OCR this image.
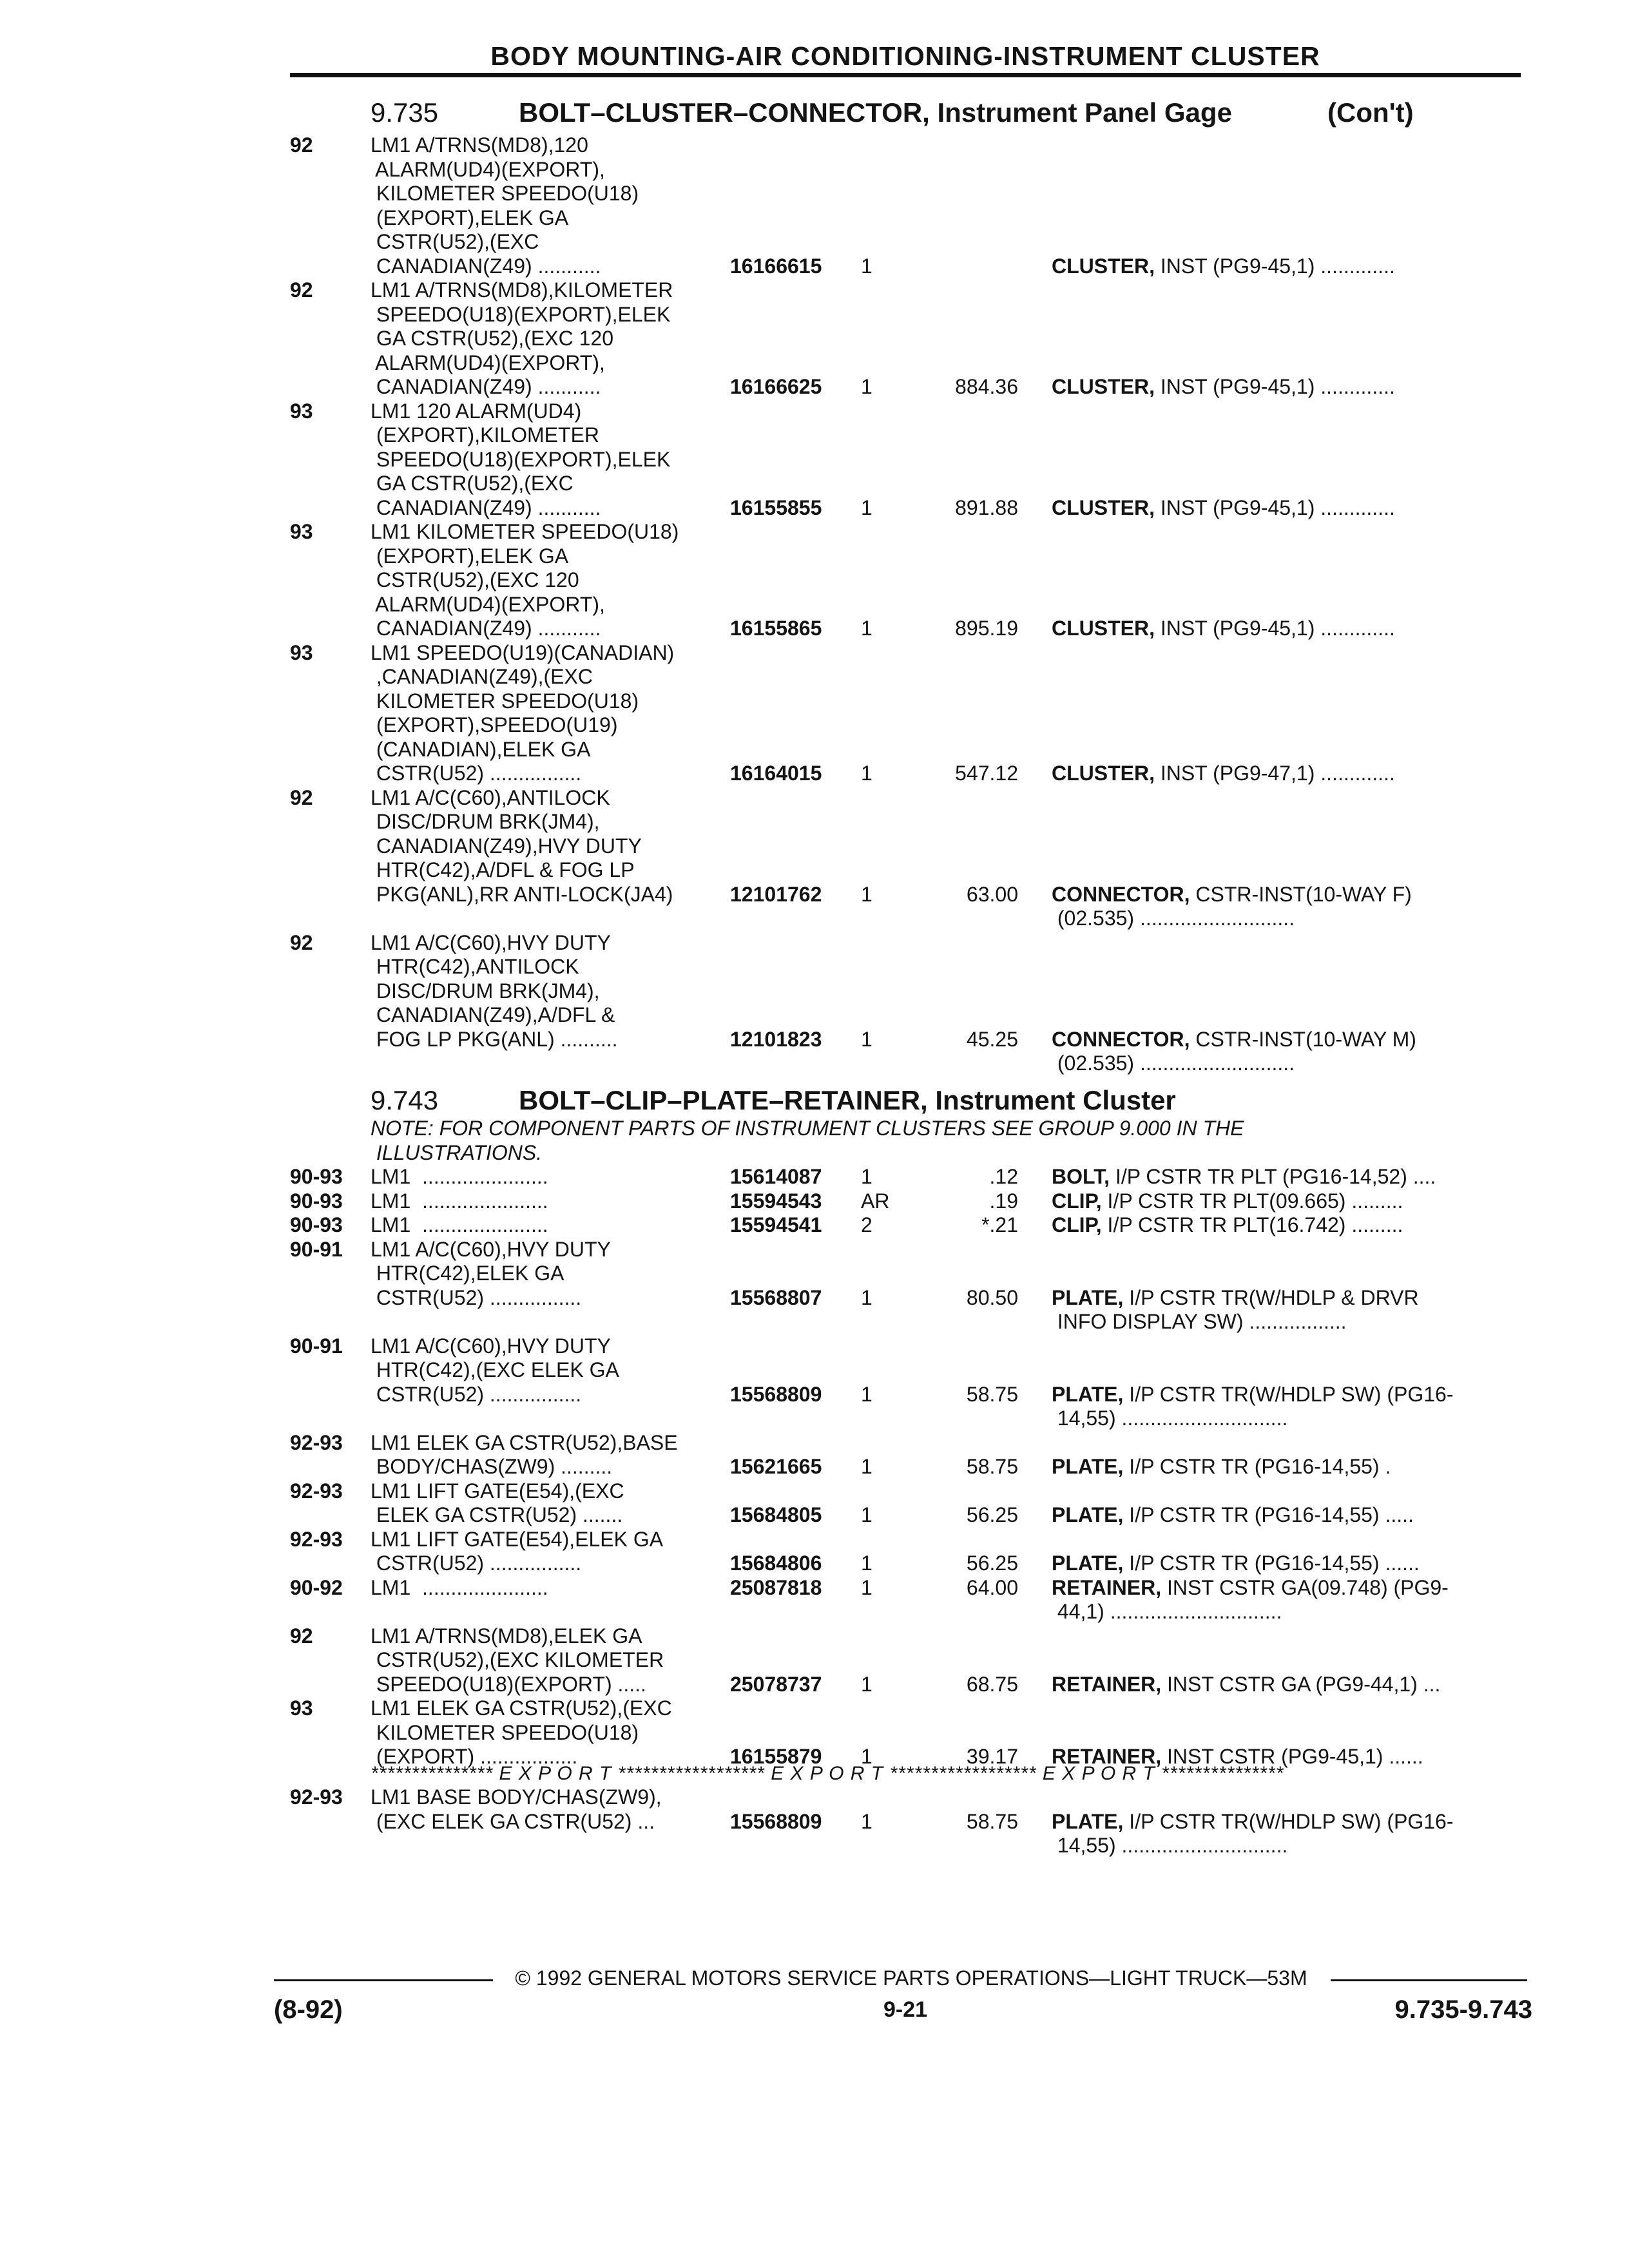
BODY MOUNTING-AIR CONDITIONING-INSTRUMENT CLUSTER
9.735	BOLT–CLUSTER–CONNECTOR, Instrument Panel Gage	(Con't)
92	LM1 A/TRNS(MD8),120
ALARM(UD4)(EXPORT),
KILOMETER SPEEDO(U18)
(EXPORT),ELEK GA
CSTR(U52),(EXC
CANADIAN(Z49) ...........	16166615 1	CLUSTER, INST (PG9-45,1) .............
92	LM1 A/TRNS(MD8),KILOMETER
SPEEDO(U18)(EXPORT),ELEK
GA CSTR(U52),(EXC 120
ALARM(UD4)(EXPORT),
CANADIAN(Z49) ...........	16166625 1	884.36 CLUSTER, INST (PG9-45,1) .............
93	LM1 120 ALARM(UD4)
(EXPORT),KILOMETER
SPEEDO(U18)(EXPORT),ELEK
GA CSTR(U52),(EXC
CANADIAN(Z49) ...........	16155855 1	891.88 CLUSTER, INST (PG9-45,1) .............
93	LM1 KILOMETER SPEEDO(U18)
(EXPORT),ELEK GA
CSTR(U52),(EXC 120
ALARM(UD4)(EXPORT),
CANADIAN(Z49) ...........	16155865 1	895.19 CLUSTER, INST (PG9-45,1) .............
93	LM1 SPEEDO(U19)(CANADIAN)
,CANADIAN(Z49),(EXC
KILOMETER SPEEDO(U18)
(EXPORT),SPEEDO(U19)
(CANADIAN),ELEK GA
CSTR(U52) ................	16164015 1	547.12 CLUSTER, INST (PG9-47,1) .............
92	LM1 A/C(C60),ANTILOCK
DISC/DRUM BRK(JM4),
CANADIAN(Z49),HVY DUTY
HTR(C42),A/DFL & FOG LP
PKG(ANL),RR ANTI-LOCK(JA4)	12101762 1	63.00 CONNECTOR, CSTR-INST(10-WAY F)
(02.535) ...........................
92	LM1 A/C(C60),HVY DUTY
HTR(C42),ANTILOCK
DISC/DRUM BRK(JM4),
CANADIAN(Z49),A/DFL &
FOG LP PKG(ANL) ..........	12101823 1	45.25 CONNECTOR, CSTR-INST(10-WAY M)
(02.535) ...........................
9.743	BOLT–CLIP–PLATE–RETAINER, Instrument Cluster
NOTE: FOR COMPONENT PARTS OF INSTRUMENT CLUSTERS SEE GROUP 9.000 IN THE
ILLUSTRATIONS.
90-93 LM1  ......................	15614087 1	.12 BOLT, I/P CSTR TR PLT (PG16-14,52) ....
90-93 LM1  ......................	15594543 AR	.19 CLIP, I/P CSTR TR PLT(09.665) .........
90-93 LM1  ......................	15594541 2	*.21 CLIP, I/P CSTR TR PLT(16.742) .........
90-91 LM1 A/C(C60),HVY DUTY
HTR(C42),ELEK GA
CSTR(U52) ................	15568807 1	80.50 PLATE, I/P CSTR TR(W/HDLP & DRVR
INFO DISPLAY SW) .................
90-91 LM1 A/C(C60),HVY DUTY
HTR(C42),(EXC ELEK GA
CSTR(U52) ................	15568809 1	58.75 PLATE, I/P CSTR TR(W/HDLP SW) (PG16-
14,55) .............................
92-93 LM1 ELEK GA CSTR(U52),BASE
BODY/CHAS(ZW9) .........	15621665 1	58.75 PLATE, I/P CSTR TR (PG16-14,55) .
92-93 LM1 LIFT GATE(E54),(EXC
ELEK GA CSTR(U52) .......	15684805 1	56.25 PLATE, I/P CSTR TR (PG16-14,55) .....
92-93 LM1 LIFT GATE(E54),ELEK GA
CSTR(U52) ................	15684806 1	56.25 PLATE, I/P CSTR TR (PG16-14,55) ......
90-92 LM1  ......................	25087818 1	64.00 RETAINER, INST CSTR GA(09.748) (PG9-
44,1) ..............................
92	LM1 A/TRNS(MD8),ELEK GA
CSTR(U52),(EXC KILOMETER
SPEEDO(U18)(EXPORT) .....	25078737 1	68.75 RETAINER, INST CSTR GA (PG9-44,1) ...
93	LM1 ELEK GA CSTR(U52),(EXC
KILOMETER SPEEDO(U18)
(EXPORT) .................	16155879 1	39.17 RETAINER, INST CSTR (PG9-45,1) ......
92-93 LM1 BASE BODY/CHAS(ZW9),
(EXC ELEK GA CSTR(U52) ...	15568809 1	58.75 PLATE, I/P CSTR TR(W/HDLP SW) (PG16-
14,55) .............................
*************** E X P O R T ****************** E X P O R T ****************** E X P O R T ***************
© 1992 GENERAL MOTORS SERVICE PARTS OPERATIONS—LIGHT TRUCK—53M
(8-92)	9-21	9.735-9.743
